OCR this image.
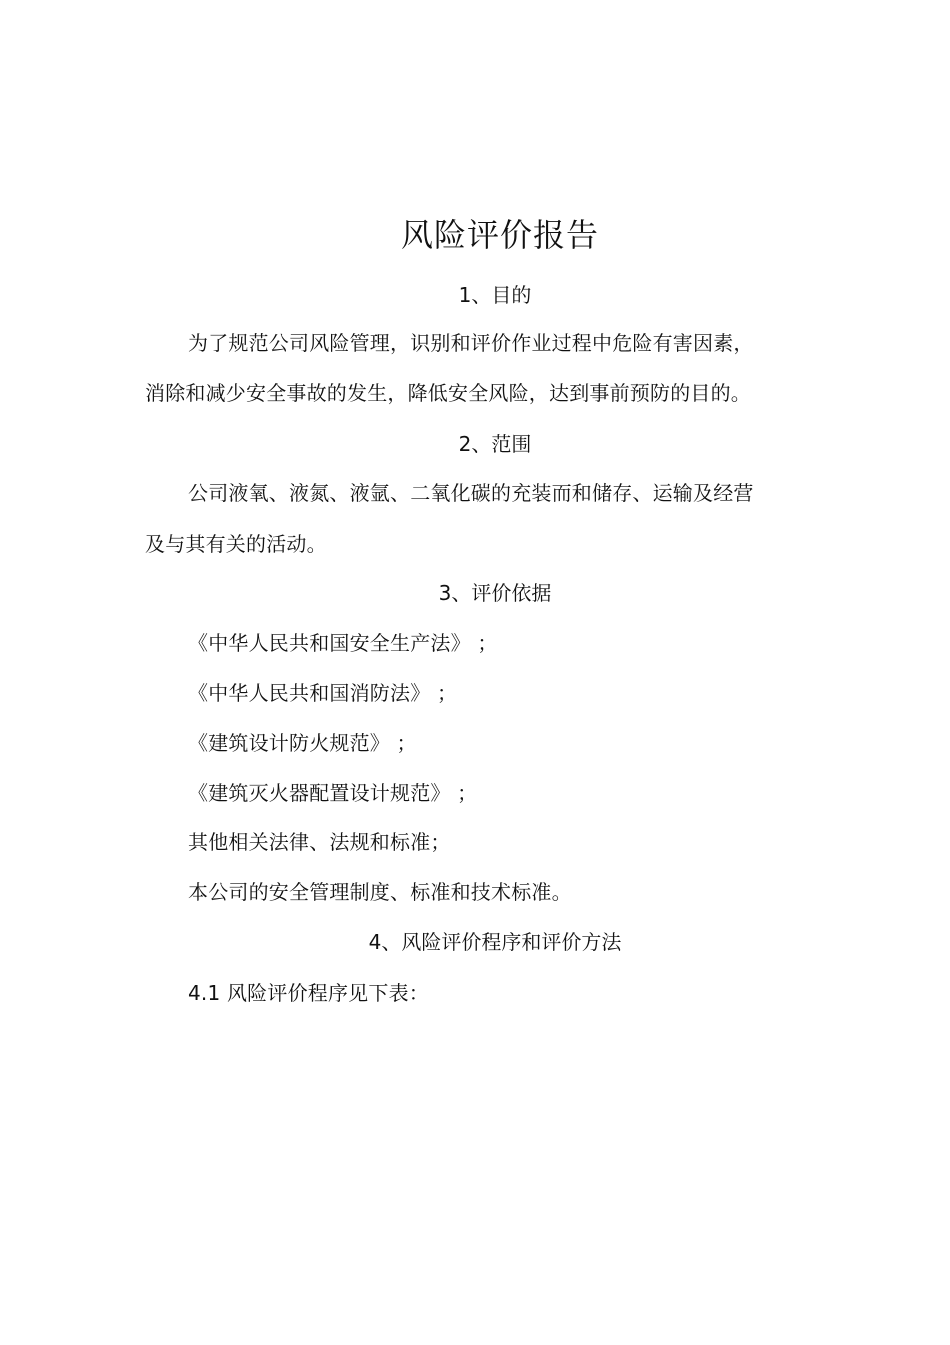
风险评价报告
1、目的
为了规范公司风险管理，识别和评价作业过程中危险有害因素，
消除和减少安全事故的发生，降低安全风险，达到事前预防的目的。
2、范围
公司液氧、液氮、液氩、二氧化碳的充装而和储存、运输及经营
及与其有关的活动。
3、评价依据
《中华人民共和国安全生产法》 ；
《中华人民共和国消防法》 ；
《建筑设计防火规范》 ；
《建筑灭火器配置设计规范》 ；
其他相关法律、法规和标准；
本公司的安全管理制度、标准和技术标准。
4、风险评价程序和评价方法
4.1 风险评价程序见下表：
